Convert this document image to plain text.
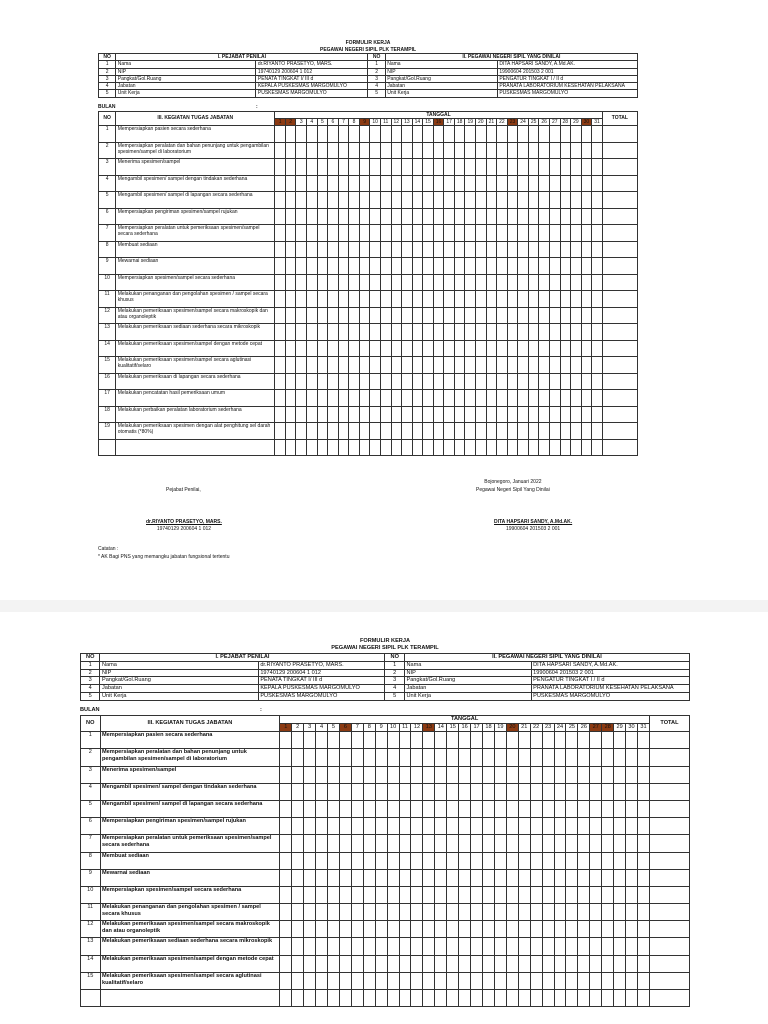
FORMULIR KERJA
PEGAWAI NEGERI SIPIL PLK TERAMPIL
NO	I. PEJABAT PENILAI		NO	II. PEGAWAI NEGERI SIPIL YANG DINILAI	
1	Nama	dr.RIYANTO PRASETYO, MARS.	1	Nama	DITA HAPSARI SANDY, A.Md.AK.
2	NIP	19740129 200604 1 012	2	NIP	19900604 201503 2 001
3	Pangkat/Gol.Ruang	PENATA TINGKAT I/ III d	3	Pangkat/Gol.Ruang	PENGATUR TINGKAT I / II d
4	Jabatan	KEPALA PUSKESMAS MARGOMULYO	4	Jabatan	PRANATA LABORATORIUM KESEHATAN PELAKSANA
5	Unit Kerja	PUSKESMAS MARGOMULYO	5	Unit Kerja	PUSKESMAS MARGOMULYO
BULAN	:
NO	III. KEGIATAN TUGAS JABATAN	TANGGAL																															TOTAL
		1	2	3	4	5	6	7	8	9	10	11	12	13	14	15	16	17	18	19	20	21	22	23	24	25	26	27	28	29	30	31	
1	Mempersiapkan pasien secara sederhana																																
2	Mempersiapkan peralatan dan bahan penunjang untuk pengambilan spesimen/sampel di laboratorium																																
3	Menerima spesimen/sampel																																
4	Mengambil spesimen/ sampel dengan tindakan sederhana																																
5	Mengambil spesimen/ sampel di lapangan secara sederhana																																
6	Mempersiapkan pengiriman spesimen/sampel rujukan																																
7	Mempersiapkan peralatan untuk pemeriksaan spesimen/sampel secara sederhana																																
8	Membuat sediaan																																
9	Mewarnai sediaan																																
10	Mempersiapkan spesimen/sampel secara sederhana																																
11	Melakukan penanganan dan pengolahan spesimen / sampel secara khusus																																
12	Melakukan pemeriksaan spesimen/sampel secara makroskopik dan atau organoleptik																																
13	Melakukan pemeriksaan sediaan sederhana secara mikroskopik																																
14	Melakukan pemeriksaan spesimen/sampel dengan metode cepat																																
15	Melakukan pemeriksaan spesimen/sampel secara aglutinasi kualitatif/selaro																																
16	Melakukan pemeriksaan di lapangan secara sederhana																																
17	Melakukan pencatatan hasil pemeriksaan umum																																
18	Melakukan perbaikan peralatan laboratorium sederhana																																
19	Melakukan pemeriksaan spesimen dengan alat penghitung sel darah otomatis (*80%)																																

Bojonegoro, Januari 2022
Pegawai Negeri Sipil Yang Dinilai
Pejabat Penilai,
dr.RIYANTO PRASETYO, MARS.
19740129 200604 1 012
DITA HAPSARI SANDY, A.Md.AK.
19900604 201503 2 001
Catatan :
* AK Bagi PNS yang memangku jabatan fungsional tertentu
FORMULIR KERJA
PEGAWAI NEGERI SIPIL PLK TERAMPIL
NO	I. PEJABAT PENILAI		NO	II. PEGAWAI NEGERI SIPIL YANG DINILAI	
1	Nama	dr.RIYANTO PRASETYO, MARS.	1	Nama	DITA HAPSARI SANDY, A.Md.AK.
2	NIP	19740129 200604 1 012	2	NIP	19900604 201503 2 001
3	Pangkat/Gol.Ruang	PENATA TINGKAT I/ III d	3	Pangkat/Gol.Ruang	PENGATUR TINGKAT I / II d
4	Jabatan	KEPALA PUSKESMAS MARGOMULYO	4	Jabatan	PRANATA LABORATORIUM KESEHATAN PELAKSANA
5	Unit Kerja	PUSKESMAS MARGOMULYO	5	Unit Kerja	PUSKESMAS MARGOMULYO
BULAN	:
NO	III. KEGIATAN TUGAS JABATAN	TANGGAL																															TOTAL
		1	2	3	4	5	6	7	8	9	10	11	12	13	14	15	16	17	18	19	20	21	22	23	24	25	26	27	28	29	30	31	
1	Mempersiapkan pasien secara sederhana																																
2	Mempersiapkan peralatan dan bahan penunjang untuk pengambilan spesimen/sampel di laboratorium																																
3	Menerima spesimen/sampel																																
4	Mengambil spesimen/ sampel dengan tindakan sederhana																																
5	Mengambil spesimen/ sampel di lapangan secara sederhana																																
6	Mempersiapkan pengiriman spesimen/sampel rujukan																																
7	Mempersiapkan peralatan untuk pemeriksaan spesimen/sampel secara sederhana																																
8	Membuat sediaan																																
9	Mewarnai sediaan																																
10	Mempersiapkan spesimen/sampel secara sederhana																																
11	Melakukan penanganan dan pengolahan spesimen / sampel secara khusus																																
12	Melakukan pemeriksaan spesimen/sampel secara makroskopik dan atau organoleptik																																
13	Melakukan pemeriksaan sediaan sederhana secara mikroskopik																																
14	Melakukan pemeriksaan spesimen/sampel dengan metode cepat																																
15	Melakukan pemeriksaan spesimen/sampel secara aglutinasi kualitatif/selaro																																
